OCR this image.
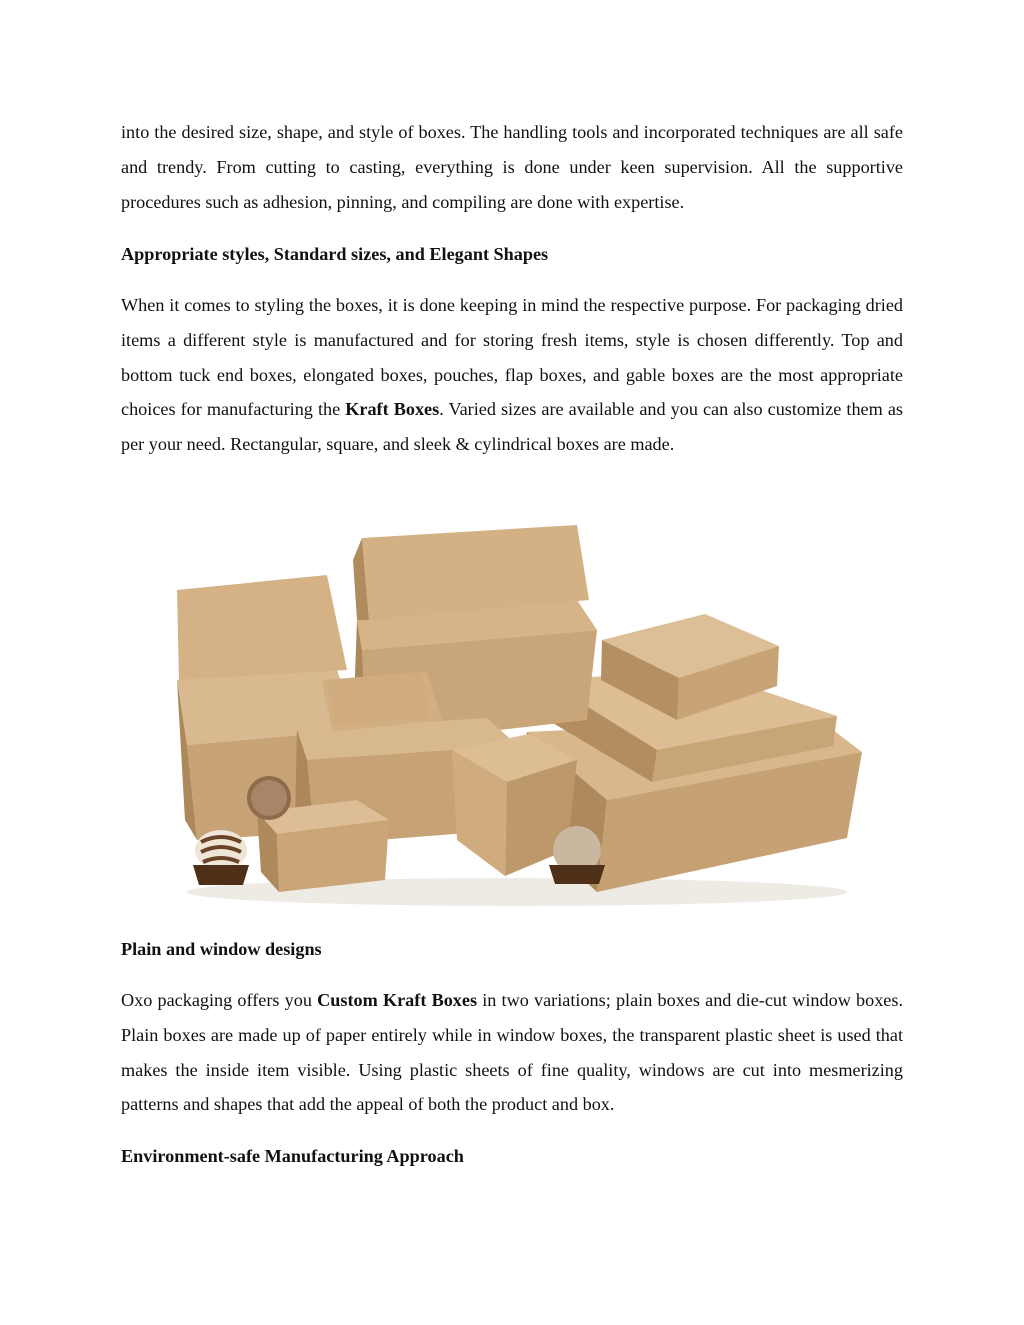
into the desired size, shape, and style of boxes. The handling tools and incorporated techniques are all safe and trendy. From cutting to casting, everything is done under keen supervision. All the supportive procedures such as adhesion, pinning, and compiling are done with expertise.

Appropriate styles, Standard sizes, and Elegant Shapes

When it comes to styling the boxes, it is done keeping in mind the respective purpose. For packaging dried items a different style is manufactured and for storing fresh items, style is chosen differently. Top and bottom tuck end boxes, elongated boxes, pouches, flap boxes, and gable boxes are the most appropriate choices for manufacturing the Kraft Boxes. Varied sizes are available and you can also customize them as per your need. Rectangular, square, and sleek & cylindrical boxes are made.

Plain and window designs

Oxo packaging offers you Custom Kraft Boxes in two variations; plain boxes and die-cut window boxes. Plain boxes are made up of paper entirely while in window boxes, the transparent plastic sheet is used that makes the inside item visible. Using plastic sheets of fine quality, windows are cut into mesmerizing patterns and shapes that add the appeal of both the product and box.

Environment-safe Manufacturing Approach
